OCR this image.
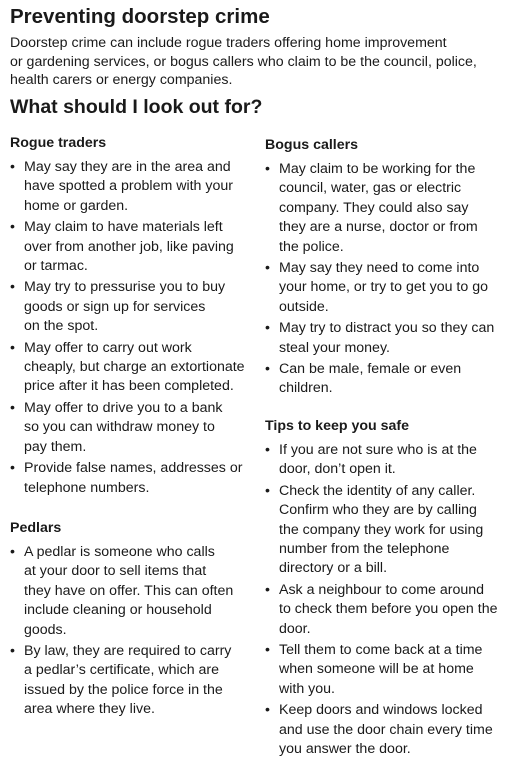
Preventing doorstep crime

Doorstep crime can include rogue traders offering home improvement
or gardening services, or bogus callers who claim to be the council, police,
health carers or energy companies.

What should I look out for?
Rogue traders
• May say they are in the area and
have spotted a problem with your
home or garden.
• May claim to have materials left
over from another job, like paving
or tarmac.
• May try to pressurise you to buy
goods or sign up for services
on the spot.
• May offer to carry out work
cheaply, but charge an extortionate
price after it has been completed.
• May offer to drive you to a bank
so you can withdraw money to
pay them.
• Provide false names, addresses or
telephone numbers.
Pedlars
• A pedlar is someone who calls
at your door to sell items that
they have on offer. This can often
include cleaning or household
goods.
• By law, they are required to carry
a pedlar’s certificate, which are
issued by the police force in the
area where they live.
Bogus callers
• May claim to be working for the
council, water, gas or electric
company. They could also say
they are a nurse, doctor or from
the police.
• May say they need to come into
your home, or try to get you to go
outside.
• May try to distract you so they can
steal your money.
• Can be male, female or even
children.
Tips to keep you safe
• If you are not sure who is at the
door, don’t open it.
• Check the identity of any caller.
Confirm who they are by calling
the company they work for using
number from the telephone
directory or a bill.
• Ask a neighbour to come around
to check them before you open the
door.
• Tell them to come back at a time
when someone will be at home
with you.
• Keep doors and windows locked
and use the door chain every time
you answer the door.
